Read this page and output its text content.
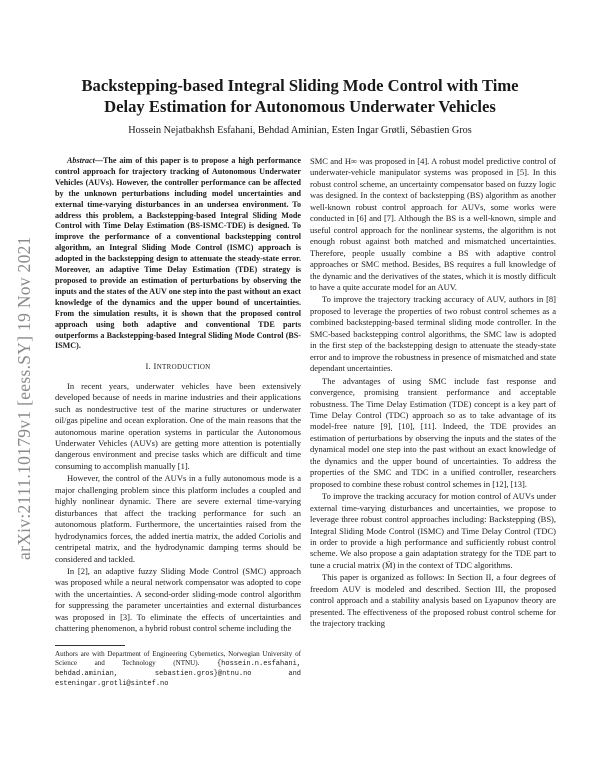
arXiv:2111.10179v1 [eess.SY] 19 Nov 2021
Backstepping-based Integral Sliding Mode Control with Time Delay Estimation for Autonomous Underwater Vehicles
Hossein Nejatbakhsh Esfahani, Behdad Aminian, Esten Ingar Grøtli, Sébastien Gros
Abstract—The aim of this paper is to propose a high performance control approach for trajectory tracking of Autonomous Underwater Vehicles (AUVs). However, the controller performance can be affected by the unknown perturbations including model uncertainties and external time-varying disturbances in an undersea environment. To address this problem, a Backstepping-based Integral Sliding Mode Control with Time Delay Estimation (BS-ISMC-TDE) is designed. To improve the performance of a conventional backstepping control algorithm, an Integral Sliding Mode Control (ISMC) approach is adopted in the backstepping design to attenuate the steady-state error. Moreover, an adaptive Time Delay Estimation (TDE) strategy is proposed to provide an estimation of perturbations by observing the inputs and the states of the AUV one step into the past without an exact knowledge of the dynamics and the upper bound of uncertainties. From the simulation results, it is shown that the proposed control approach using both adaptive and conventional TDE parts outperforms a Backstepping-based Integral Sliding Mode Control (BS-ISMC).
I. INTRODUCTION

In recent years, underwater vehicles have been extensively developed because of needs in marine industries and their applications such as nondestructive test of the marine structures or underwater oil/gas pipeline and ocean exploration. One of the main reasons that the autonomous marine operation systems in particular the Autonomous Underwater Vehicles (AUVs) are getting more attention is potentially dangerous environment and precise tasks which are difficult and time consuming to accomplish manually [1].

However, the control of the AUVs in a fully autonomous mode is a major challenging problem since this platform includes a coupled and highly nonlinear dynamic. There are severe external time-varying disturbances that affect the tracking performance for such an autonomous platform. Furthermore, the uncertainties raised from the hydrodynamics forces, the added inertia matrix, the added Coriolis and centripetal matrix, and the hydrodynamic damping terms should be considered and tackled.

In [2], an adaptive fuzzy Sliding Mode Control (SMC) approach was proposed while a neural network compensator was adopted to cope with the uncertainties. A second-order sliding-mode control algorithm for suppressing the parameter uncertainties and external disturbances was proposed in [3]. To eliminate the effects of uncertainties and chattering phenomenon, a hybrid robust control scheme including the

Authors are with Department of Engineering Cybernetics, Norwegian University of Science and Technology (NTNU).	{hossein.n.esfahani, behdad.aminian, sebastien.gros}@ntnu.no and esteningar.grotli@sintef.no

SMC and H∞ was proposed in [4]. A robust model predictive control of underwater-vehicle manipulator systems was proposed in [5]. In this robust control scheme, an uncertainty compensator based on fuzzy logic was designed. In the context of backstepping (BS) algorithm as another well-known robust control approach for AUVs, some works were conducted in [6] and [7]. Although the BS is a well-known, simple and useful control approach for the nonlinear systems, the algorithm is not enough robust against both matched and mismatched uncertainties. Therefore, people usually combine a BS with adaptive control approaches or SMC method. Besides, BS requires a full knowledge of the dynamic and the derivatives of the states, which it is mostly difficult to have a quite accurate model for an AUV.

To improve the trajectory tracking accuracy of AUV, authors in [8] proposed to leverage the properties of two robust control schemes as a combined backstepping-based terminal sliding mode controller. In the SMC-based backstepping control algorithms, the SMC law is adopted in the first step of the backstepping design to attenuate the steady-state error and to improve the robustness in presence of mismatched and state dependant uncertainties.

The advantages of using SMC include fast response and convergence, promising transient performance and acceptable robustness. The Time Delay Estimation (TDE) concept is a key part of Time Delay Control (TDC) approach so as to take advantage of its model-free nature [9], [10], [11]. Indeed, the TDE provides an estimation of perturbations by observing the inputs and the states of the dynamical model one step into the past without an exact knowledge of the dynamics and the upper bound of uncertainties. To address the properties of the SMC and TDC in a unified controller, researchers proposed to combine these robust control schemes in [12], [13].

To improve the tracking accuracy for motion control of AUVs under external time-varying disturbances and uncertainties, we propose to leverage three robust control approaches including: Backstepping (BS), Integral Sliding Mode Control (ISMC) and Time Delay Control (TDC) in order to provide a high performance and sufficiently robust control scheme. We also propose a gain adaptation strategy for the TDE part to tune a crucial matrix (M̄) in the context of TDC algorithms.

This paper is organized as follows: In Section II, a four degrees of freedom AUV is modeled and described. Section III, the proposed control approach and a stability analysis based on Lyapunov theory are presented. The effectiveness of the proposed robust control scheme for the trajectory tracking
